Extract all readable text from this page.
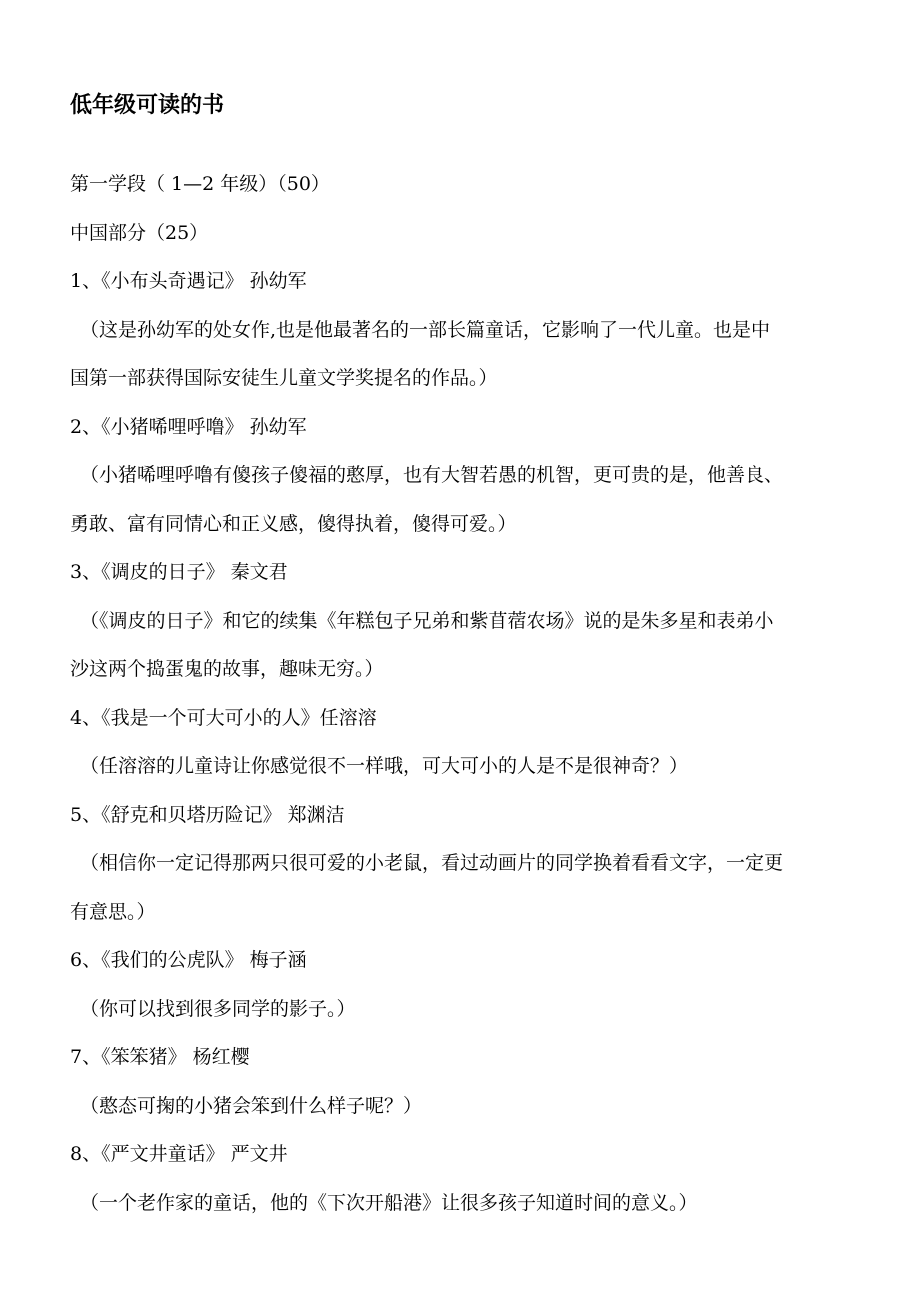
低年级可读的书

第一学段（ 1—2 年级）（50）

中国部分（25）

1、《小布头奇遇记》 孙幼军

（这是孙幼军的处女作,也是他最著名的一部长篇童话，它影响了一代儿童。也是中

国第一部获得国际安徒生儿童文学奖提名的作品。）

2、《小猪唏哩呼噜》 孙幼军

（小猪唏哩呼噜有傻孩子傻福的憨厚，也有大智若愚的机智，更可贵的是，他善良、

勇敢、富有同情心和正义感，傻得执着，傻得可爱。）

3、《调皮的日子》 秦文君

（《调皮的日子》和它的续集《年糕包子兄弟和紫苜蓿农场》说的是朱多星和表弟小

沙这两个捣蛋鬼的故事，趣味无穷。）

4、《我是一个可大可小的人》任溶溶

（任溶溶的儿童诗让你感觉很不一样哦，可大可小的人是不是很神奇？）

5、《舒克和贝塔历险记》 郑渊洁

（相信你一定记得那两只很可爱的小老鼠，看过动画片的同学换着看看文字，一定更

有意思。）

6、《我们的公虎队》 梅子涵

（你可以找到很多同学的影子。）

7、《笨笨猪》 杨红樱

（憨态可掬的小猪会笨到什么样子呢？）

8、《严文井童话》 严文井

（一个老作家的童话，他的《下次开船港》让很多孩子知道时间的意义。）
